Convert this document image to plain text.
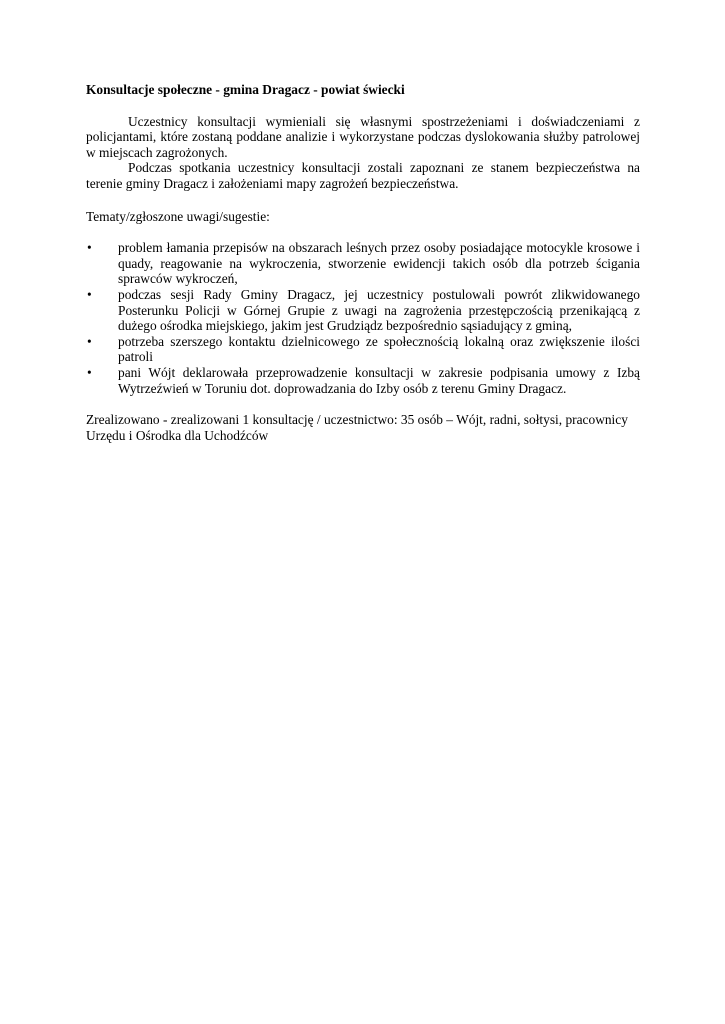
Konsultacje społeczne - gmina Dragacz - powiat świecki

Uczestnicy konsultacji wymieniali się własnymi spostrzeżeniami i doświadczeniami z policjantami, które zostaną poddane analizie i wykorzystane podczas dyslokowania służby patrolowej w miejscach zagrożonych.

Podczas spotkania uczestnicy konsultacji zostali zapoznani ze stanem bezpieczeństwa na terenie gminy Dragacz i założeniami mapy zagrożeń bezpieczeństwa.

Tematy/zgłoszone uwagi/sugestie:

• problem łamania przepisów na obszarach leśnych przez osoby posiadające motocykle krosowe i quady, reagowanie na wykroczenia, stworzenie ewidencji takich osób dla potrzeb ścigania sprawców wykroczeń,
• podczas sesji Rady Gminy Dragacz, jej uczestnicy postulowali powrót zlikwidowanego Posterunku Policji w Górnej Grupie z uwagi na zagrożenia przestępczością przenikającą z dużego ośrodka miejskiego, jakim jest Grudziądz bezpośrednio sąsiadujący z gminą,
• potrzeba szerszego kontaktu dzielnicowego ze społecznością lokalną oraz zwiększenie ilości patroli
• pani Wójt deklarowała przeprowadzenie konsultacji w zakresie podpisania umowy z Izbą Wytrzeźwień w Toruniu dot. doprowadzania do Izby osób z terenu Gminy Dragacz.

Zrealizowano - zrealizowani 1 konsultację / uczestnictwo: 35 osób – Wójt, radni, sołtysi, pracownicy Urzędu i Ośrodka dla Uchodźców
